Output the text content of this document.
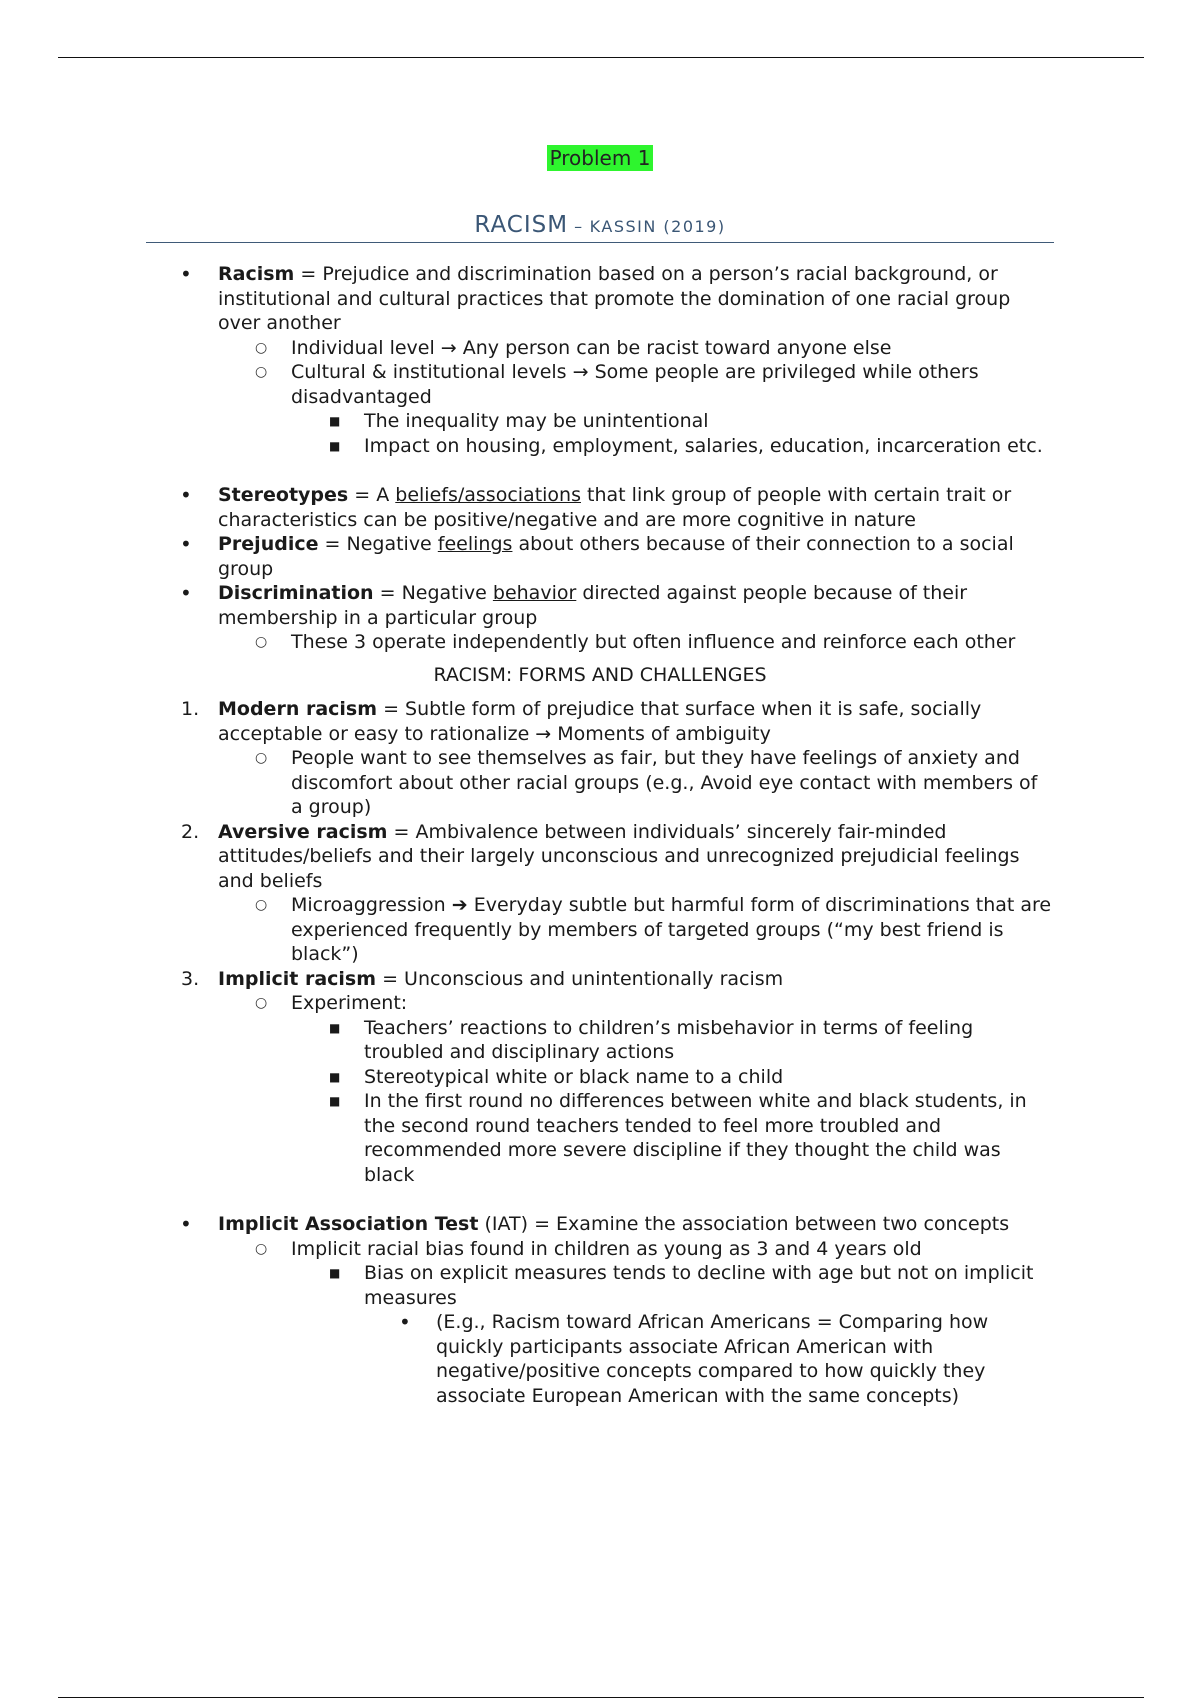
Problem 1
RACISM – KASSIN (2019)
• Racism = Prejudice and discrimination based on a person’s racial background, or institutional and cultural practices that promote the domination of one racial group over another
○ Individual level → Any person can be racist toward anyone else
○ Cultural & institutional levels → Some people are privileged while others disadvantaged
■ The inequality may be unintentional
■ Impact on housing, employment, salaries, education, incarceration etc.
• Stereotypes = A beliefs/associations that link group of people with certain trait or characteristics can be positive/negative and are more cognitive in nature
• Prejudice = Negative feelings about others because of their connection to a social group
• Discrimination = Negative behavior directed against people because of their membership in a particular group
○ These 3 operate independently but often influence and reinforce each other
RACISM: FORMS AND CHALLENGES
1. Modern racism = Subtle form of prejudice that surface when it is safe, socially acceptable or easy to rationalize → Moments of ambiguity
○ People want to see themselves as fair, but they have feelings of anxiety and discomfort about other racial groups (e.g., Avoid eye contact with members of a group)
2. Aversive racism = Ambivalence between individuals’ sincerely fair-minded attitudes/beliefs and their largely unconscious and unrecognized prejudicial feelings and beliefs
○ Microaggression ➔ Everyday subtle but harmful form of discriminations that are experienced frequently by members of targeted groups (“my best friend is black”)
3. Implicit racism = Unconscious and unintentionally racism
○ Experiment:
■ Teachers’ reactions to children’s misbehavior in terms of feeling troubled and disciplinary actions
■ Stereotypical white or black name to a child
■ In the first round no differences between white and black students, in the second round teachers tended to feel more troubled and recommended more severe discipline if they thought the child was black
• Implicit Association Test (IAT) = Examine the association between two concepts
○ Implicit racial bias found in children as young as 3 and 4 years old
■ Bias on explicit measures tends to decline with age but not on implicit measures
• (E.g., Racism toward African Americans = Comparing how quickly participants associate African American with negative/positive concepts compared to how quickly they associate European American with the same concepts)
